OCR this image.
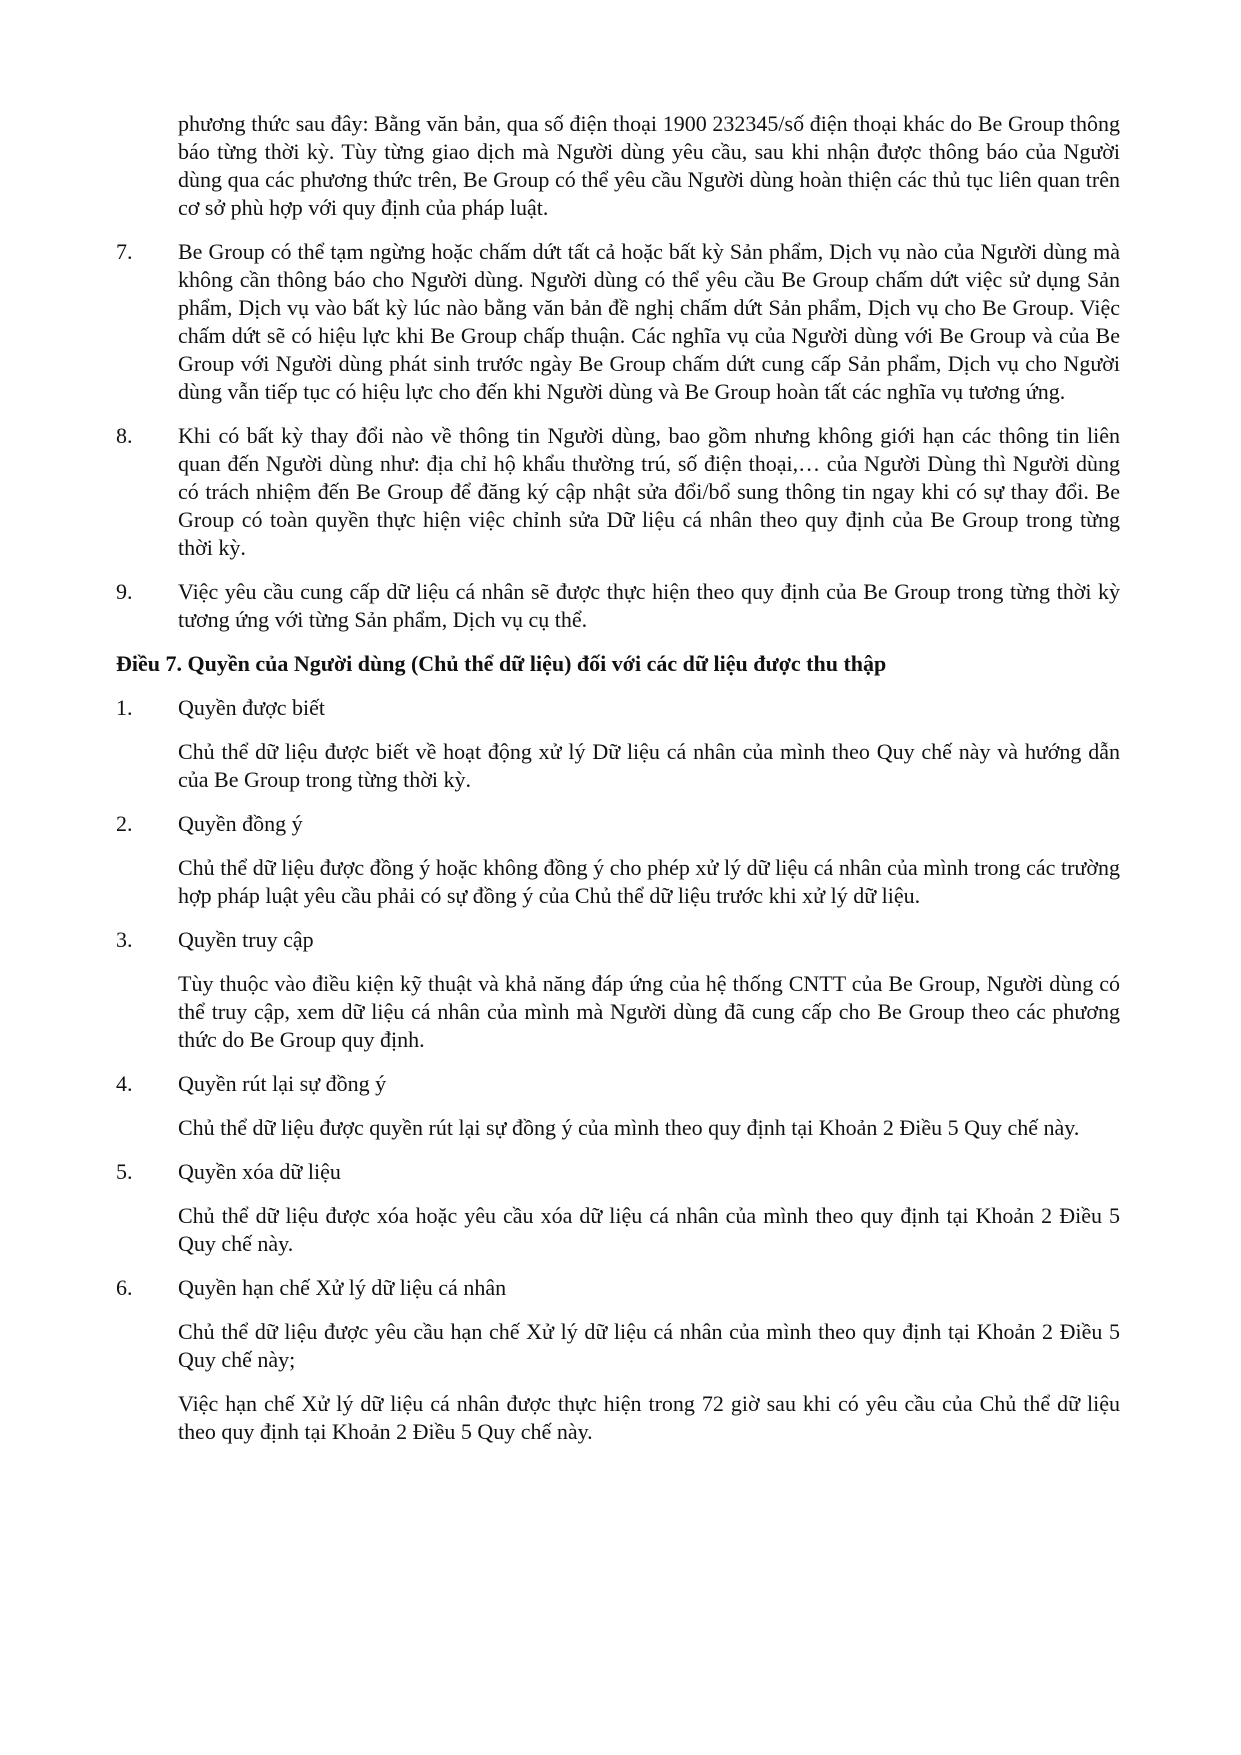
phương thức sau đây: Bằng văn bản, qua số điện thoại 1900 232345/số điện thoại khác do Be Group thông báo từng thời kỳ. Tùy từng giao dịch mà Người dùng yêu cầu, sau khi nhận được thông báo của Người dùng qua các phương thức trên, Be Group có thể yêu cầu Người dùng hoàn thiện các thủ tục liên quan trên cơ sở phù hợp với quy định của pháp luật.
7.	Be Group có thể tạm ngừng hoặc chấm dứt tất cả hoặc bất kỳ Sản phẩm, Dịch vụ nào của Người dùng mà không cần thông báo cho Người dùng. Người dùng có thể yêu cầu Be Group chấm dứt việc sử dụng Sản phẩm, Dịch vụ vào bất kỳ lúc nào bằng văn bản đề nghị chấm dứt Sản phẩm, Dịch vụ cho Be Group. Việc chấm dứt sẽ có hiệu lực khi Be Group chấp thuận. Các nghĩa vụ của Người dùng với Be Group và của Be Group với Người dùng phát sinh trước ngày Be Group chấm dứt cung cấp Sản phẩm, Dịch vụ cho Người dùng vẫn tiếp tục có hiệu lực cho đến khi Người dùng và Be Group hoàn tất các nghĩa vụ tương ứng.
8.	Khi có bất kỳ thay đổi nào về thông tin Người dùng, bao gồm nhưng không giới hạn các thông tin liên quan đến Người dùng như: địa chỉ hộ khẩu thường trú, số điện thoại,… của Người Dùng thì Người dùng có trách nhiệm đến Be Group để đăng ký cập nhật sửa đổi/bổ sung thông tin ngay khi có sự thay đổi. Be Group có toàn quyền thực hiện việc chỉnh sửa Dữ liệu cá nhân theo quy định của Be Group trong từng thời kỳ.
9.	Việc yêu cầu cung cấp dữ liệu cá nhân sẽ được thực hiện theo quy định của Be Group trong từng thời kỳ tương ứng với từng Sản phẩm, Dịch vụ cụ thể.
Điều 7. Quyền của Người dùng (Chủ thể dữ liệu) đối với các dữ liệu được thu thập
1.	Quyền được biết
Chủ thể dữ liệu được biết về hoạt động xử lý Dữ liệu cá nhân của mình theo Quy chế này và hướng dẫn của Be Group trong từng thời kỳ.
2.	Quyền đồng ý
Chủ thể dữ liệu được đồng ý hoặc không đồng ý cho phép xử lý dữ liệu cá nhân của mình trong các trường hợp pháp luật yêu cầu phải có sự đồng ý của Chủ thể dữ liệu trước khi xử lý dữ liệu.
3.	Quyền truy cập
Tùy thuộc vào điều kiện kỹ thuật và khả năng đáp ứng của hệ thống CNTT của Be Group, Người dùng có thể truy cập, xem dữ liệu cá nhân của mình mà Người dùng đã cung cấp cho Be Group theo các phương thức do Be Group quy định.
4.	Quyền rút lại sự đồng ý
Chủ thể dữ liệu được quyền rút lại sự đồng ý của mình theo quy định tại Khoản 2 Điều 5 Quy chế này.
5.	Quyền xóa dữ liệu
Chủ thể dữ liệu được xóa hoặc yêu cầu xóa dữ liệu cá nhân của mình theo quy định tại Khoản 2 Điều 5 Quy chế này.
6.	Quyền hạn chế Xử lý dữ liệu cá nhân
Chủ thể dữ liệu được yêu cầu hạn chế Xử lý dữ liệu cá nhân của mình theo quy định tại Khoản 2 Điều 5 Quy chế này;
Việc hạn chế Xử lý dữ liệu cá nhân được thực hiện trong 72 giờ sau khi có yêu cầu của Chủ thể dữ liệu theo quy định tại Khoản 2 Điều 5 Quy chế này.
